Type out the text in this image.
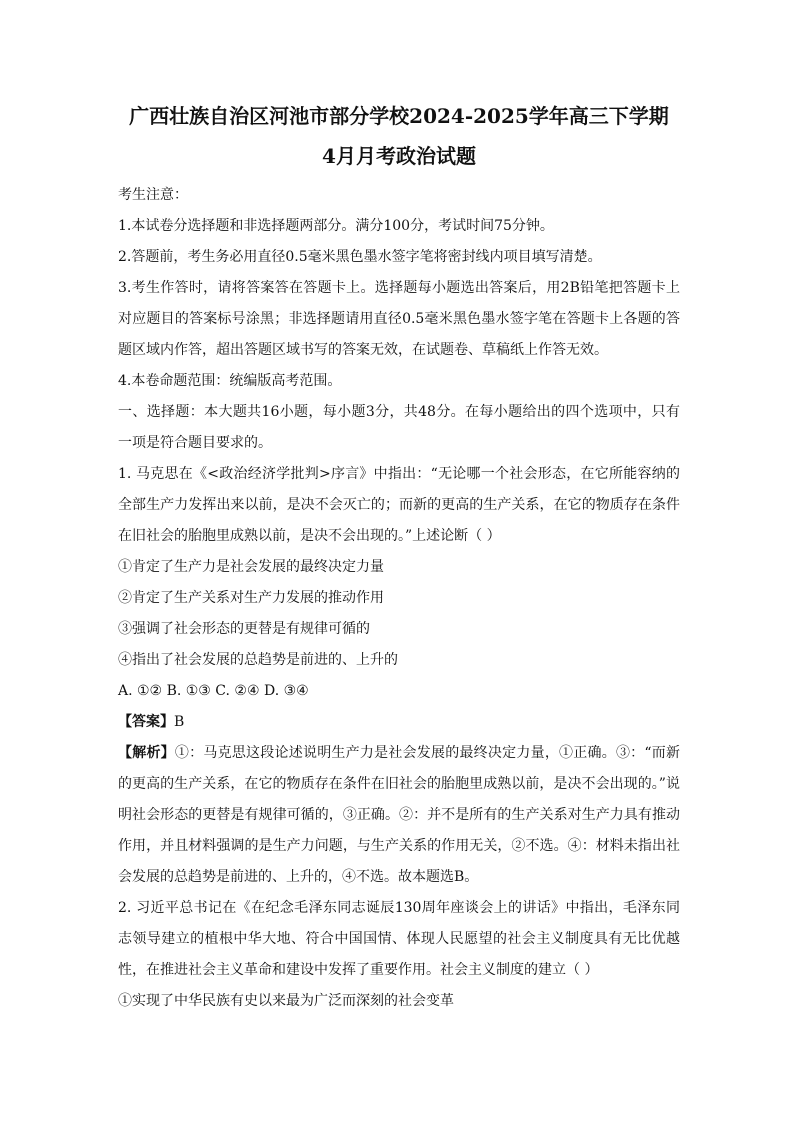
广西壮族自治区河池市部分学校2024-2025学年高三下学期
4月月考政治试题

考生注意：

1.本试卷分选择题和非选择题两部分。满分100分，考试时间75分钟。

2.答题前，考生务必用直径0.5毫米黑色墨水签字笔将密封线内项目填写清楚。

3.考生作答时，请将答案答在答题卡上。选择题每小题选出答案后，用2B铅笔把答题卡上对应题目的答案标号涂黑；非选择题请用直径0.5毫米黑色墨水签字笔在答题卡上各题的答题区域内作答，超出答题区域书写的答案无效，在试题卷、草稿纸上作答无效。

4.本卷命题范围：统编版高考范围。

一、选择题：本大题共16小题，每小题3分，共48分。在每小题给出的四个选项中，只有一项是符合题目要求的。

1. 马克思在《<政治经济学批判>序言》中指出：“无论哪一个社会形态，在它所能容纳的全部生产力发挥出来以前，是决不会灭亡的；而新的更高的生产关系，在它的物质存在条件在旧社会的胎胞里成熟以前，是决不会出现的。”上述论断（ ）

①肯定了生产力是社会发展的最终决定力量

②肯定了生产关系对生产力发展的推动作用

③强调了社会形态的更替是有规律可循的

④指出了社会发展的总趋势是前进的、上升的

A. ①② B. ①③ C. ②④ D. ③④

【答案】B

【解析】①：马克思这段论述说明生产力是社会发展的最终决定力量，①正确。③：“而新的更高的生产关系，在它的物质存在条件在旧社会的胎胞里成熟以前，是决不会出现的。”说明社会形态的更替是有规律可循的，③正确。②：并不是所有的生产关系对生产力具有推动作用，并且材料强调的是生产力问题，与生产关系的作用无关，②不选。④：材料未指出社会发展的总趋势是前进的、上升的，④不选。故本题选B。

2. 习近平总书记在《在纪念毛泽东同志诞辰130周年座谈会上的讲话》中指出，毛泽东同志领导建立的植根中华大地、符合中国国情、体现人民愿望的社会主义制度具有无比优越性，在推进社会主义革命和建设中发挥了重要作用。社会主义制度的建立（ ）

①实现了中华民族有史以来最为广泛而深刻的社会变革
